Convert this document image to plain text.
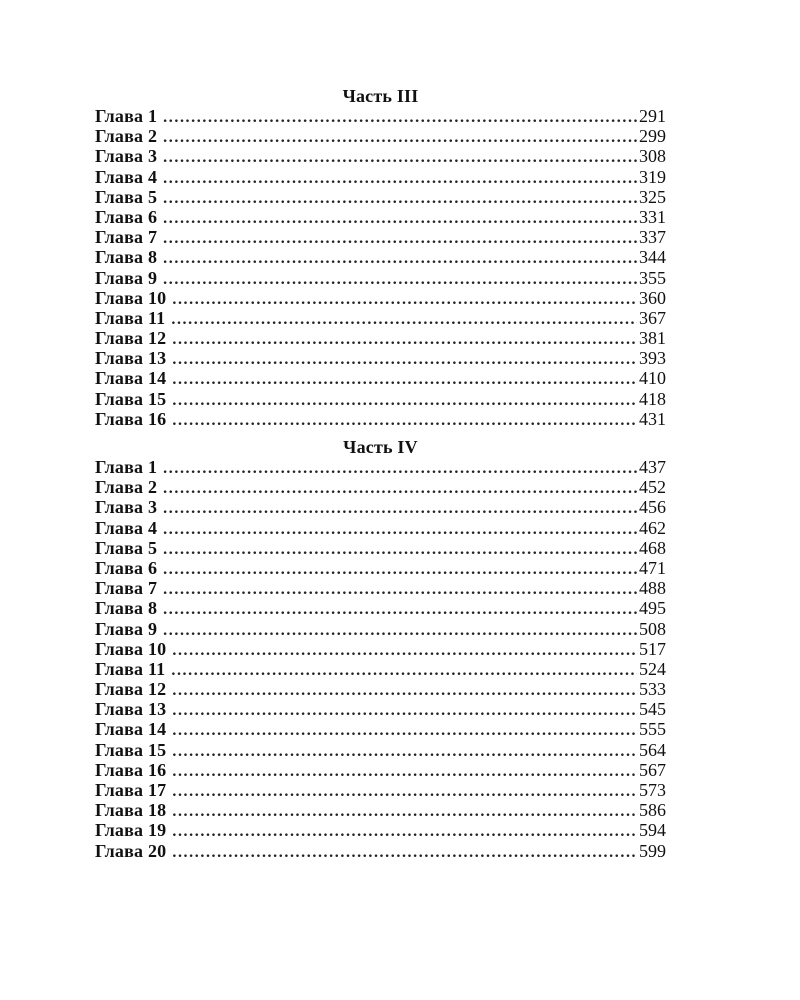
Часть III
Глава 1 . . .	291
Глава 2 . . .	299
Глава 3 . . .	308
Глава 4 . . .	319
Глава 5 . . .	325
Глава 6 . . .	331
Глава 7 . . .	337
Глава 8 . . .	344
Глава 9 . . .	355
Глава 10 . . .	360
Глава 11 . . .	367
Глава 12 . . .	381
Глава 13 . . .	393
Глава 14 . . .	410
Глава 15 . . .	418
Глава 16 . . .	431
Часть IV
Глава 1 . . .	437
Глава 2 . . .	452
Глава 3 . . .	456
Глава 4 . . .	462
Глава 5 . . .	468
Глава 6 . . .	471
Глава 7 . . .	488
Глава 8 . . .	495
Глава 9 . . .	508
Глава 10 . . .	517
Глава 11 . . .	524
Глава 12 . . .	533
Глава 13 . . .	545
Глава 14 . . .	555
Глава 15 . . .	564
Глава 16 . . .	567
Глава 17 . . .	573
Глава 18 . . .	586
Глава 19 . . .	594
Глава 20 . . .	599
